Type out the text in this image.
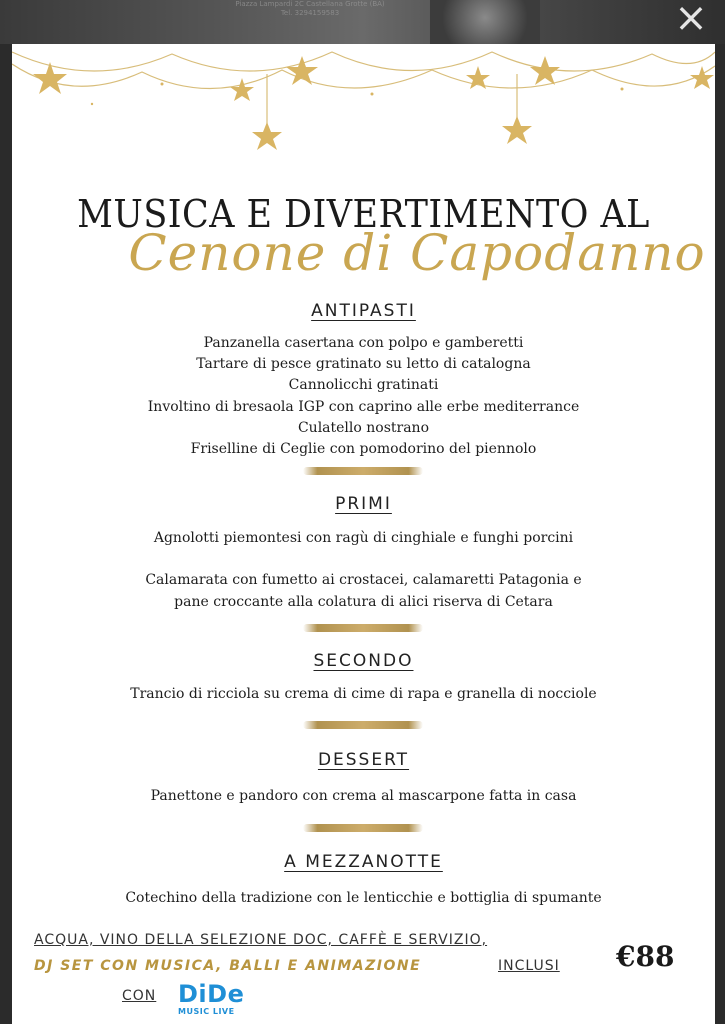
Piazza Lampardi 2C Castellana Grotte (BA)
Tel. 3294159583	×
MUSICA E DIVERTIMENTO AL
Cenone di Capodanno
ANTIPASTI
Panzanella casertana con polpo e gamberetti
Tartare di pesce gratinato su letto di catalogna
Cannolicchi gratinati
Involtino di bresaola IGP con caprino alle erbe mediterrance
Culatello nostrano
Friselline di Ceglie con pomodorino del piennolo
PRIMI
Agnolotti piemontesi con ragù di cinghiale e funghi porcini
Calamarata con fumetto ai crostacei, calamaretti Patagonia e
pane croccante alla colatura di alici riserva di Cetara
SECONDO
Trancio di ricciola su crema di cime di rapa e granella di nocciole
DESSERT
Panettone e pandoro con crema al mascarpone fatta in casa
A MEZZANOTTE
Cotechino della tradizione con le lenticchie e bottiglia di spumante
ACQUA, VINO DELLA SELEZIONE DOC, CAFFÈ E SERVIZIO,
DJ SET CON MUSICA, BALLI E ANIMAZIONE	INCLUSI
CON DiDe
MUSIC LIVE
€88
